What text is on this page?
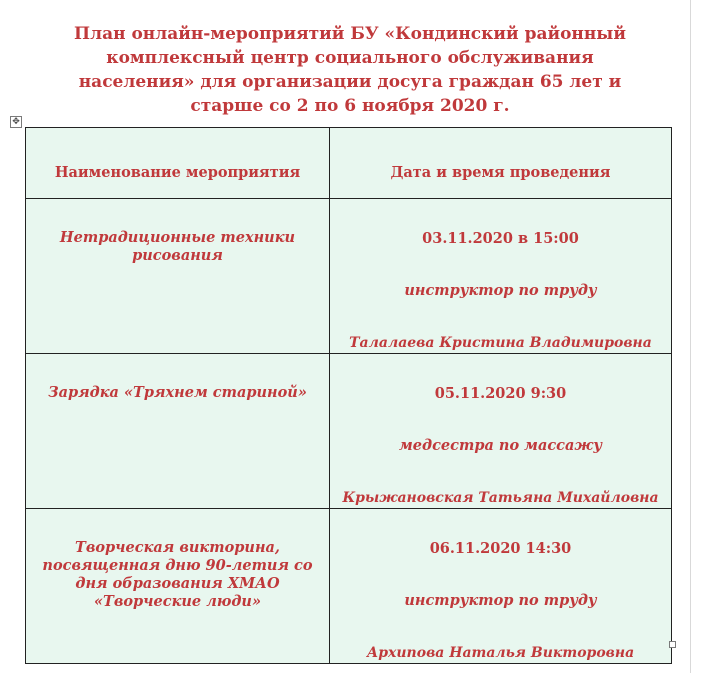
План онлайн-мероприятий БУ «Кондинский районный
комплексный центр социального обслуживания
населения» для организации досуга граждан 65 лет и
старше со 2 по 6 ноября 2020 г.
✥
Наименование мероприятия	Дата и время проведения

Нетрадиционные техники рисования	03.11.2020 в 15:00
инструктор по труду
Талалаева Кристина Владимировна

Зарядка «Тряхнем стариной»	05.11.2020 9:30
медсестра по массажу
Крыжановская Татьяна Михайловна

Творческая викторина, посвященная дню 90-летия со дня образования ХМАО «Творческие люди»	06.11.2020 14:30
инструктор по труду
Архипова Наталья Викторовна
